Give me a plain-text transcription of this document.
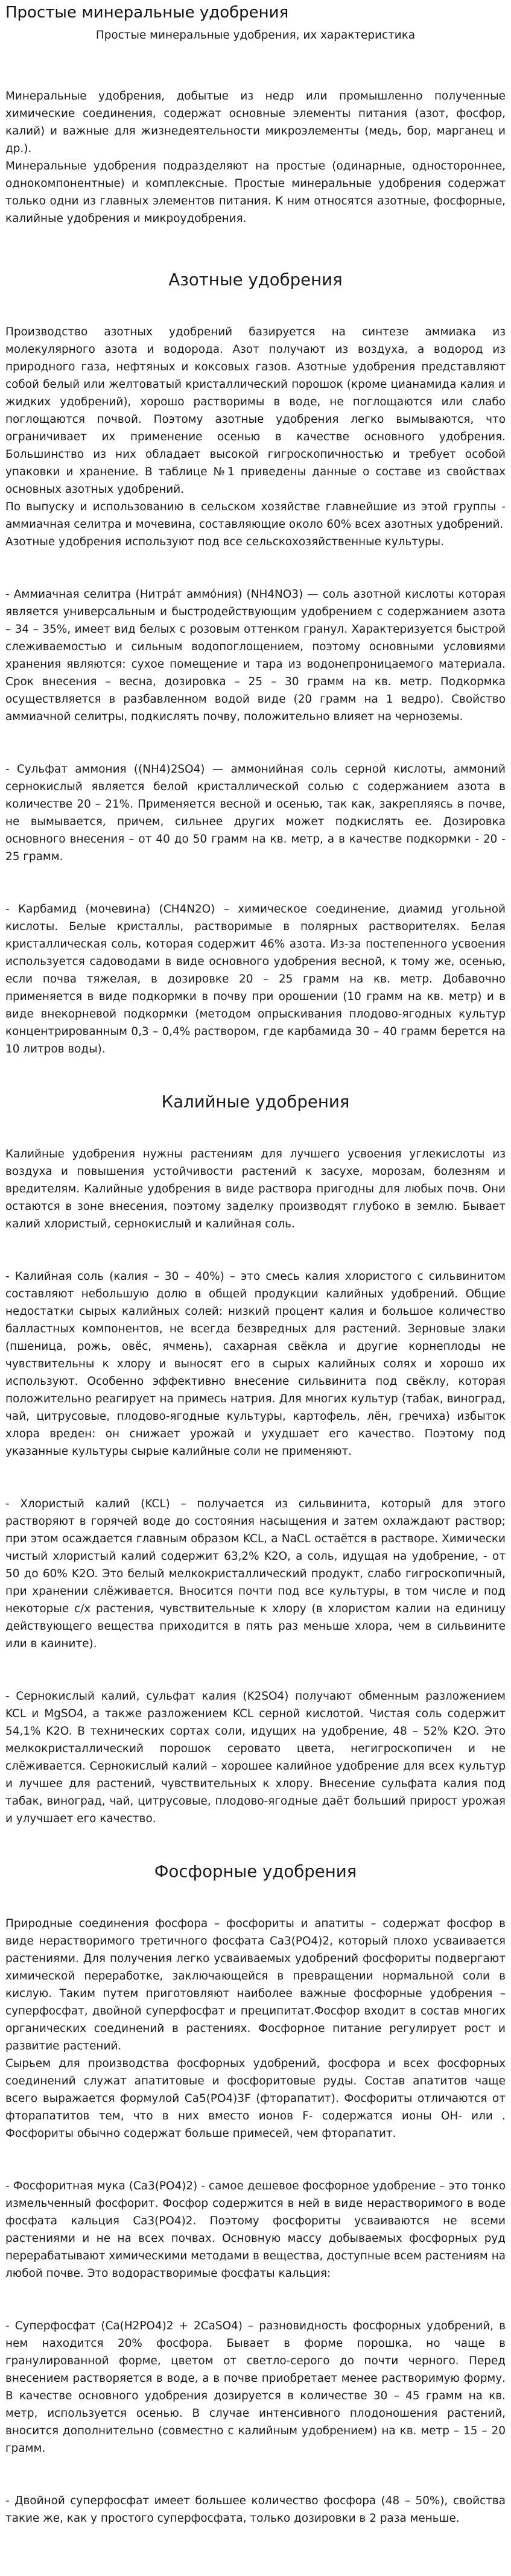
Простые минеральные удобрения
Простые минеральные удобрения, их характеристика

Минеральные удобрения, добытые из недр или промышленно полученные химические соединения, содержат основные элементы питания (азот, фосфор, калий) и важные для жизнедеятельности микроэлементы (медь, бор, марганец и др.).

Минеральные удобрения подразделяют на простые (одинарные, одностороннее, однокомпонентные) и комплексные. Простые минеральные удобрения содержат только одни из главных элементов питания. К ним относятся азотные, фосфорные, калийные удобрения и микроудобрения.

Азотные удобрения

Производство азотных удобрений базируется на синтезе аммиака из молекулярного азота и водорода. Азот получают из воздуха, а водород из природного газа, нефтяных и коксовых газов. Азотные удобрения представляют собой белый или желтоватый кристаллический порошок (кроме цианамида калия и жидких удобрений), хорошо растворимы в воде, не поглощаются или слабо поглощаются почвой. Поэтому азотные удобрения легко вымываются, что ограничивает их применение осенью в качестве основного удобрения. Большинство из них обладает высокой гигроскопичностью и требует особой упаковки и хранение. В таблице №1 приведены данные о составе из свойствах основных азотных удобрений.

По выпуску и использованию в сельском хозяйстве главнейшие из этой группы - аммиачная селитра и мочевина, составляющие около 60% всех азотных удобрений.

Азотные удобрения используют под все сельскохозяйственные культуры.

- Аммиачная селитра (Нитрáт аммóния) (NH4NO3) — соль азотной кислоты которая является универсальным и быстродействующим удобрением с содержанием азота – 34 – 35%, имеет вид белых с розовым оттенком гранул. Характеризуется быстрой слеживаемостью и сильным водопоглощением, поэтому основными условиями хранения являются: сухое помещение и тара из водонепроницаемого материала. Срок внесения – весна, дозировка – 25 – 30 грамм на кв. метр. Подкормка осуществляется в разбавленном водой виде (20 грамм на 1 ведро). Свойство аммиачной селитры, подкислять почву, положительно влияет на черноземы.

- Сульфат аммония ((NH4)2SO4) — аммонийная соль серной кислоты, аммоний сернокислый является белой кристаллической солью с содержанием азота в количестве 20 – 21%. Применяется весной и осенью, так как, закрепляясь в почве, не вымывается, причем, сильнее других может подкислять ее. Дозировка основного внесения – от 40 до 50 грамм на кв. метр, а в качестве подкормки - 20 - 25 грамм.

- Карбамид (мочевина) (CH4N2O) – химическое соединение, диамид угольной кислоты. Белые кристаллы, растворимые в полярных растворителях. Белая кристаллическая соль, которая содержит 46% азота. Из-за постепенного усвоения используется садоводами в виде основного удобрения весной, к тому же, осенью, если почва тяжелая, в дозировке 20 – 25 грамм на кв. метр. Добавочно применяется в виде подкормки в почву при орошении (10 грамм на кв. метр) и в виде внекорневой подкормки (методом опрыскивания плодово-ягодных культур концентрированным 0,3 – 0,4% раствором, где карбамида 30 – 40 грамм берется на 10 литров воды).

Калийные удобрения

Калийные удобрения нужны растениям для лучшего усвоения углекислоты из воздуха и повышения устойчивости растений к засухе, морозам, болезням и вредителям. Калийные удобрения в виде раствора пригодны для любых почв. Они остаются в зоне внесения, поэтому заделку производят глубоко в землю. Бывает калий хлористый, сернокислый и калийная соль.

- Калийная соль (калия – 30 – 40%) – это смесь калия хлористого с сильвинитом составляют небольшую долю в общей продукции калийных удобрений. Общие недостатки сырых калийных солей: низкий процент калия и большое количество балластных компонентов, не всегда безвредных для растений. Зерновые злаки (пшеница, рожь, овёс, ячмень), сахарная свёкла и другие корнеплоды не чувствительны к хлору и выносят его в сырых калийных солях и хорошо их используют. Особенно эффективно внесение сильвинита под свёклу, которая положительно реагирует на примесь натрия. Для многих культур (табак, виноград, чай, цитрусовые, плодово-ягодные культуры, картофель, лён, гречиха) избыток хлора вреден: он снижает урожай и ухудшает его качество. Поэтому под указанные культуры сырые калийные соли не применяют.

- Хлористый калий (KCL) – получается из сильвинита, который для этого растворяют в горячей воде до состояния насыщения и затем охлаждают раствор; при этом осаждается главным образом KCL, а NaCL остаётся в растворе. Химически чистый хлористый калий содержит 63,2% K2O, а соль, идущая на удобрение, - от 50 до 60% K2O. Это белый мелкокристаллический продукт, слабо гигроскопичный, при хранении слёживается. Вносится почти под все культуры, в том числе и под некоторые с/х растения, чувствительные к хлору (в хлористом калии на единицу действующего вещества приходится в пять раз меньше хлора, чем в сильвините или в каините).

- Сернокислый калий, сульфат калия (K2SO4) получают обменным разложением KCL и MgSO4, а также разложением KCL серной кислотой. Чистая соль содержит 54,1% K2O. В технических сортах соли, идущих на удобрение, 48 – 52% K2O. Это мелкокристаллический порошок серовато цвета, негигроскопичен и не слёживается. Сернокислый калий – хорошее калийное удобрение для всех культур и лучшее для растений, чувствительных к хлору. Внесение сульфата калия под табак, виноград, чай, цитрусовые, плодово-ягодные даёт больший прирост урожая и улучшает его качество.

Фосфорные удобрения

Природные соединения фосфора – фосфориты и апатиты – содержат фосфор в виде нерастворимого третичного фосфата Ca3(PO4)2, который плохо усваивается растениями. Для получения легко усваиваемых удобрений фосфориты подвергают химической переработке, заключающейся в превращении нормальной соли в кислую. Таким путем приготовляют наиболее важные фосфорные удобрения – суперфосфат, двойной суперфосфат и преципитат.Фосфор входит в состав многих органических соединений в растениях. Фосфорное питание регулирует рост и развитие растений.

Сырьем для производства фосфорных удобрений, фосфора и всех фосфорных соединений служат апатитовые и фосфоритовые руды. Состав апатитов чаще всего выражается формулой Ca5(PO4)3F (фторапатит). Фосфориты отличаются от фторапатитов тем, что в них вместо ионов F- содержатся ионы OH- или . Фосфориты обычно содержат больше примесей, чем фторапатит.

- Фосфоритная мука (Ca3(PO4)2) - самое дешевое фосфорное удобрение – это тонко измельченный фосфорит. Фосфор содержится в ней в виде нерастворимого в воде фосфата кальция Ca3(PO4)2. Поэтому фосфориты усваиваются не всеми растениями и не на всех почвах. Основную массу добываемых фосфорных руд перерабатывают химическими методами в вещества, доступные всем растениям на любой почве. Это водорастворимые фосфаты кальция:

- Суперфосфат (Ca(H2PO4)2 + 2CaSO4) – разновидность фосфорных удобрений, в нем находится 20% фосфора. Бывает в форме порошка, но чаще в гранулированной форме, цветом от светло-серого до почти черного. Перед внесением растворяется в воде, а в почве приобретает менее растворимую форму. В качестве основного удобрения дозируется в количестве 30 – 45 грамм на кв. метр, используется осенью. В случае интенсивного плодоношения растений, вносится дополнительно (совместно с калийным удобрением) на кв. метр – 15 – 20 грамм.

- Двойной суперфосфат имеет большее количество фосфора (48 – 50%), свойства такие же, как у простого суперфосфата, только дозировки в 2 раза меньше.
